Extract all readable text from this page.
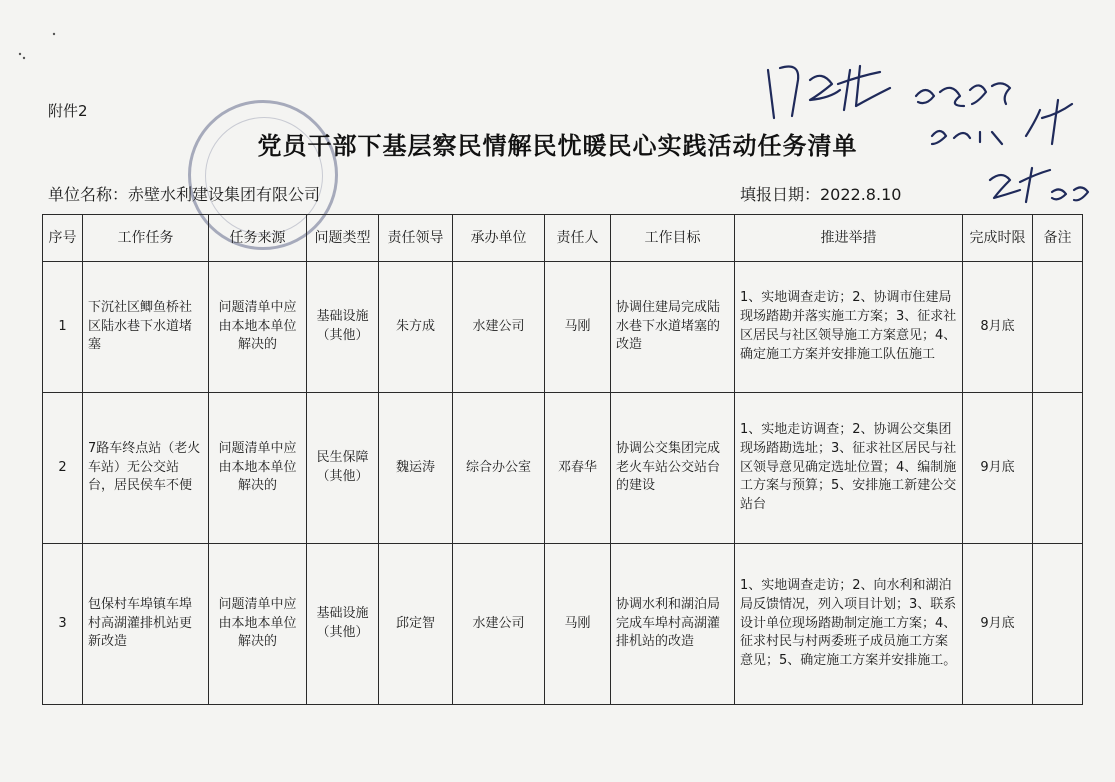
附件2
党员干部下基层察民情解民忧暖民心实践活动任务清单
单位名称：赤壁水利建设集团有限公司	填报日期：2022.8.10
序号	工作任务	任务来源	问题类型	责任领导	承办单位	责任人	工作目标	推进举措	完成时限	备注
1	下沉社区鲫鱼桥社区陆水巷下水道堵塞	问题清单中应由本地本单位解决的	基础设施（其他）	朱方成	水建公司	马刚	协调住建局完成陆水巷下水道堵塞的改造	1、实地调查走访；2、协调市住建局现场踏勘并落实施工方案；3、征求社区居民与社区领导施工方案意见；4、确定施工方案并安排施工队伍施工	8月底	
2	7路车终点站（老火车站）无公交站台，居民侯车不便	问题清单中应由本地本单位解决的	民生保障（其他）	魏运涛	综合办公室	邓春华	协调公交集团完成老火车站公交站台的建设	1、实地走访调查；2、协调公交集团现场踏勘选址；3、征求社区居民与社区领导意见确定选址位置；4、编制施工方案与预算；5、安排施工新建公交站台	9月底	
3	包保村车埠镇车埠村高湖灌排机站更新改造	问题清单中应由本地本单位解决的	基础设施（其他）	邱定智	水建公司	马刚	协调水利和湖泊局完成车埠村高湖灌排机站的改造	1、实地调查走访；2、向水利和湖泊局反馈情况，列入项目计划；3、联系设计单位现场踏勘制定施工方案；4、征求村民与村两委班子成员施工方案意见；5、确定施工方案并安排施工。	9月底	
